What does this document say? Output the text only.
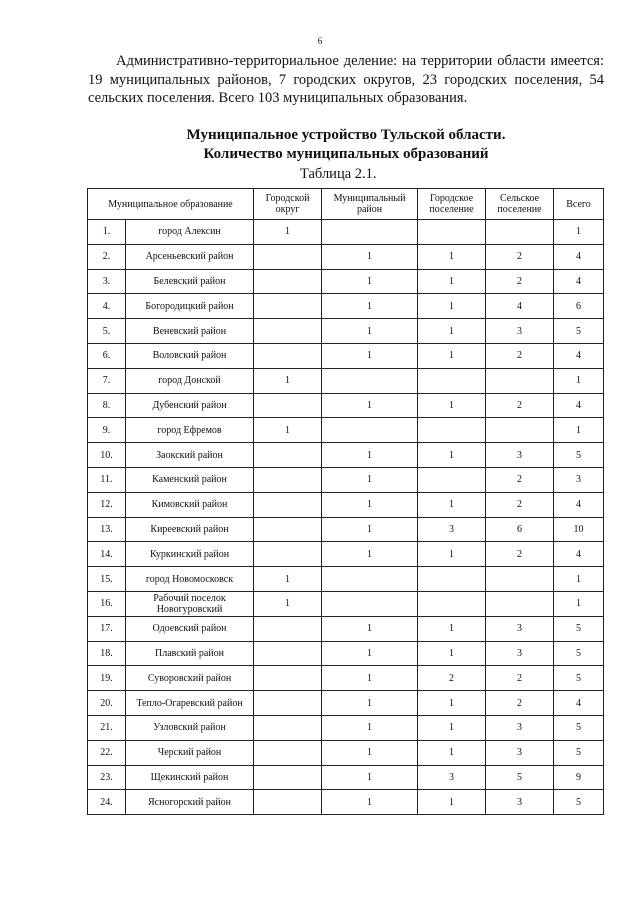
6

Административно-территориальное деление: на территории области имеется: 19 муниципальных районов, 7 городских округов, 23 городских поселения, 54 сельских поселения. Всего 103 муниципальных образования.

Муниципальное устройство Тульской области.
Количество муниципальных образований
Таблица 2.1.
Муниципальное образование		Городской округ	Муниципальный район	Городское поселение	Сельское поселение	Всего
1.	город Алексин	1				1
2.	Арсеньевский район		1	1	2	4
3.	Белевский район		1	1	2	4
4.	Богородицкий район		1	1	4	6
5.	Веневский район		1	1	3	5
6.	Воловский район		1	1	2	4
7.	город Донской	1				1
8.	Дубенский район		1	1	2	4
9.	город Ефремов	1				1
10.	Заокский район		1	1	3	5
11.	Каменский район		1		2	3
12.	Кимовский район		1	1	2	4
13.	Киреевский район		1	3	6	10
14.	Куркинский район		1	1	2	4
15.	город Новомосковск	1				1
16.	Рабочий поселок Новогуровский	1				1
17.	Одоевский район		1	1	3	5
18.	Плавский район		1	1	3	5
19.	Суворовский район		1	2	2	5
20.	Тепло-Огаревский район		1	1	2	4
21.	Узловский район		1	1	3	5
22.	Черский район		1	1	3	5
23.	Щекинский район		1	3	5	9
24.	Ясногорский район		1	1	3	5
